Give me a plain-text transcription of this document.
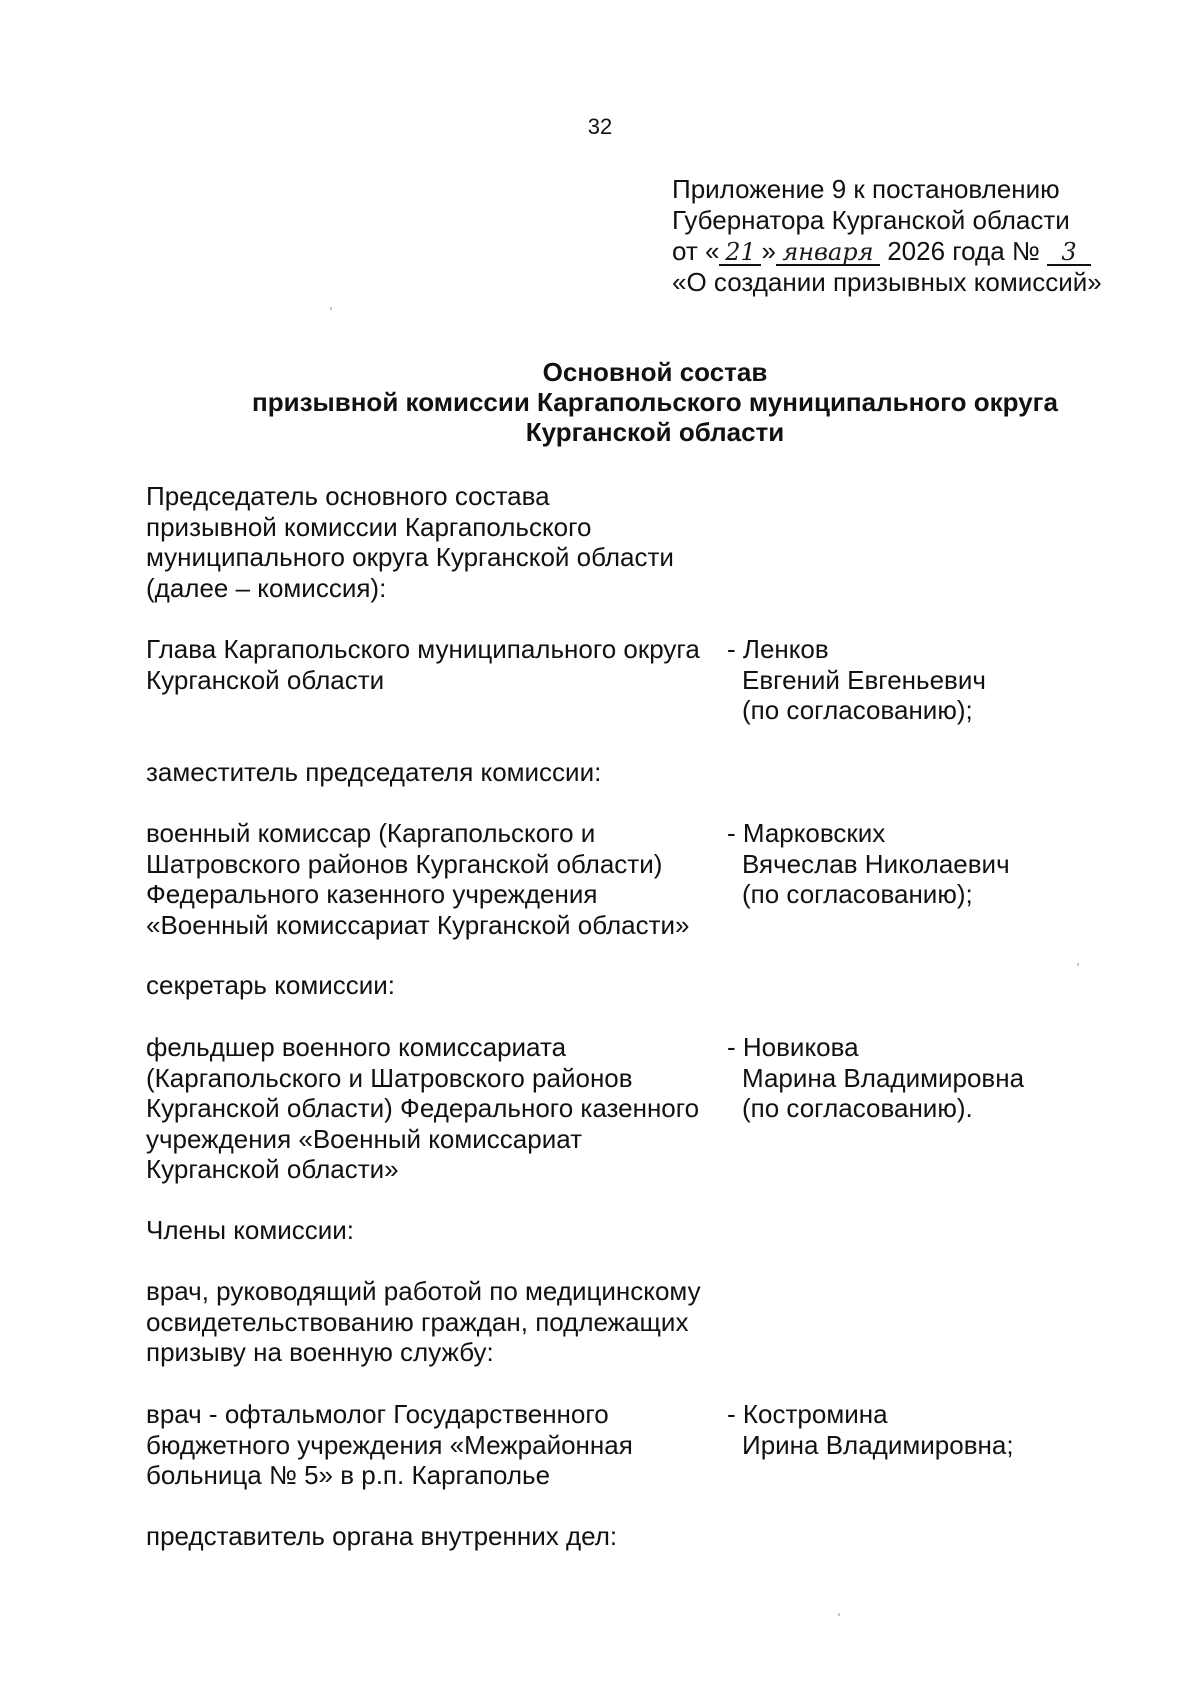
32
Приложение 9 к постановлению
Губернатора Курганской области
от « 21 » января 2026 года № 3
«О создании призывных комиссий»
Основной состав
призывной комиссии Каргапольского муниципального округа
Курганской области
Председатель основного состава
призывной комиссии Каргапольского
муниципального округа Курганской области
(далее – комиссия):
Глава Каргапольского муниципального округа
Курганской области
- Ленков
Евгений Евгеньевич
(по согласованию);
заместитель председателя комиссии:
военный комиссар (Каргапольского и
Шатровского районов Курганской области)
Федерального казенного учреждения
«Военный комиссариат Курганской области»
- Марковских
Вячеслав Николаевич
(по согласованию);
секретарь комиссии:
фельдшер военного комиссариата
(Каргапольского и Шатровского районов
Курганской области) Федерального казенного
учреждения «Военный комиссариат
Курганской области»
- Новикова
Марина Владимировна
(по согласованию).
Члены комиссии:
врач, руководящий работой по медицинскому
освидетельствованию граждан, подлежащих
призыву на военную службу:
врач - офтальмолог Государственного
бюджетного учреждения «Межрайонная
больница № 5» в р.п. Каргаполье
- Костромина
Ирина Владимировна;
представитель органа внутренних дел:
